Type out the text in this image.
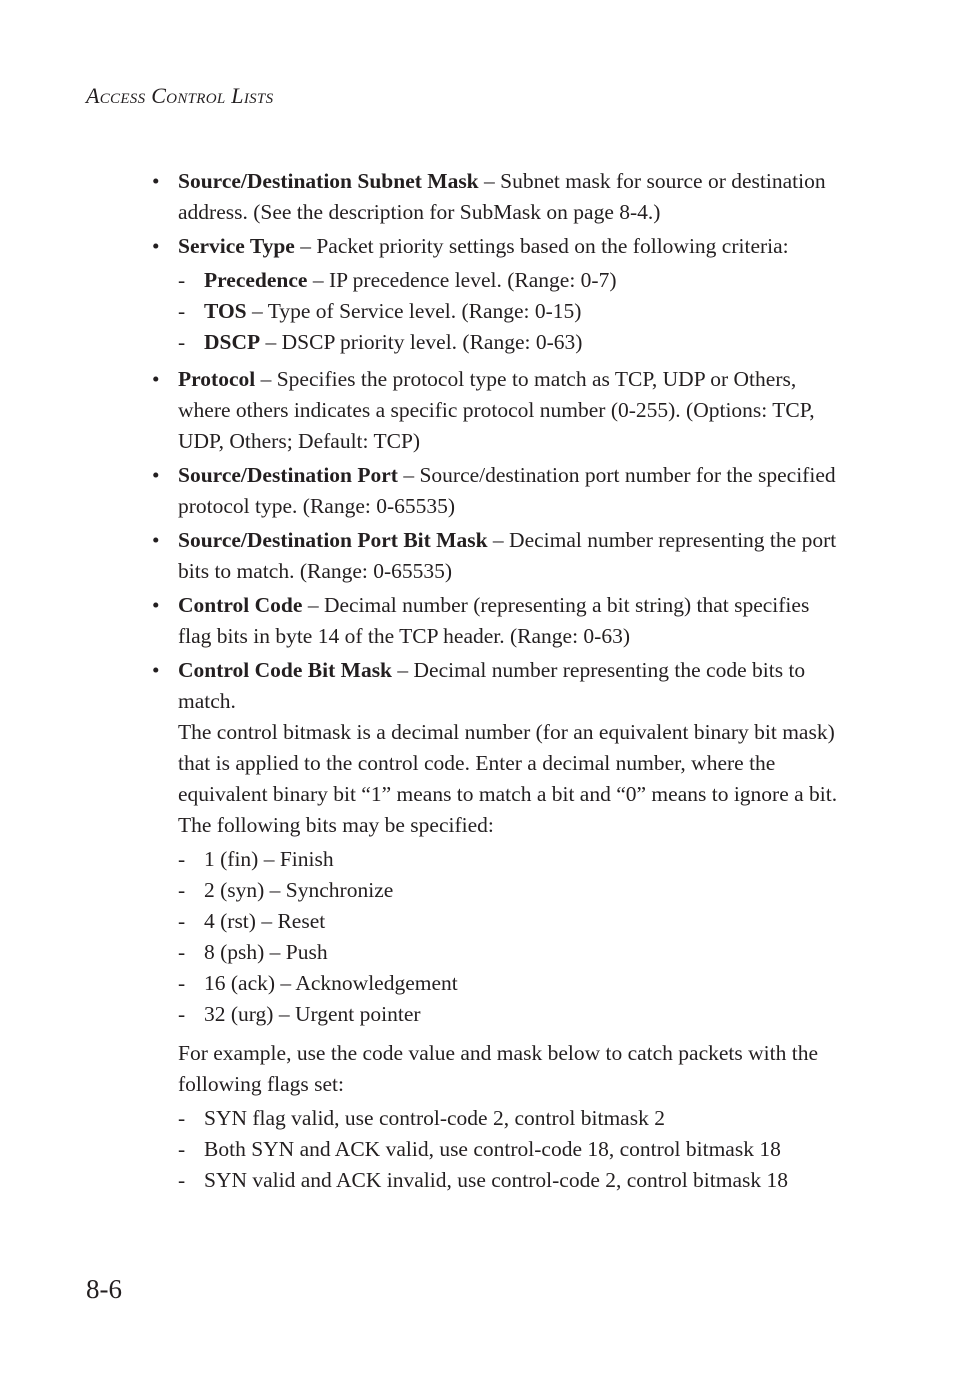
Access Control Lists
• Source/Destination Subnet Mask – Subnet mask for source or destination address. (See the description for SubMask on page 8-4.)
• Service Type – Packet priority settings based on the following criteria:
- Precedence – IP precedence level. (Range: 0-7)
- TOS – Type of Service level. (Range: 0-15)
- DSCP – DSCP priority level. (Range: 0-63)
• Protocol – Specifies the protocol type to match as TCP, UDP or Others, where others indicates a specific protocol number (0-255). (Options: TCP, UDP, Others; Default: TCP)
• Source/Destination Port – Source/destination port number for the specified protocol type. (Range: 0-65535)
• Source/Destination Port Bit Mask – Decimal number representing the port bits to match. (Range: 0-65535)
• Control Code – Decimal number (representing a bit string) that specifies flag bits in byte 14 of the TCP header. (Range: 0-63)
• Control Code Bit Mask – Decimal number representing the code bits to match.
The control bitmask is a decimal number (for an equivalent binary bit mask) that is applied to the control code. Enter a decimal number, where the equivalent binary bit “1” means to match a bit and “0” means to ignore a bit. The following bits may be specified:
- 1 (fin) – Finish
- 2 (syn) – Synchronize
- 4 (rst) – Reset
- 8 (psh) – Push
- 16 (ack) – Acknowledgement
- 32 (urg) – Urgent pointer
For example, use the code value and mask below to catch packets with the following flags set:
- SYN flag valid, use control-code 2, control bitmask 2
- Both SYN and ACK valid, use control-code 18, control bitmask 18
- SYN valid and ACK invalid, use control-code 2, control bitmask 18
8-6
